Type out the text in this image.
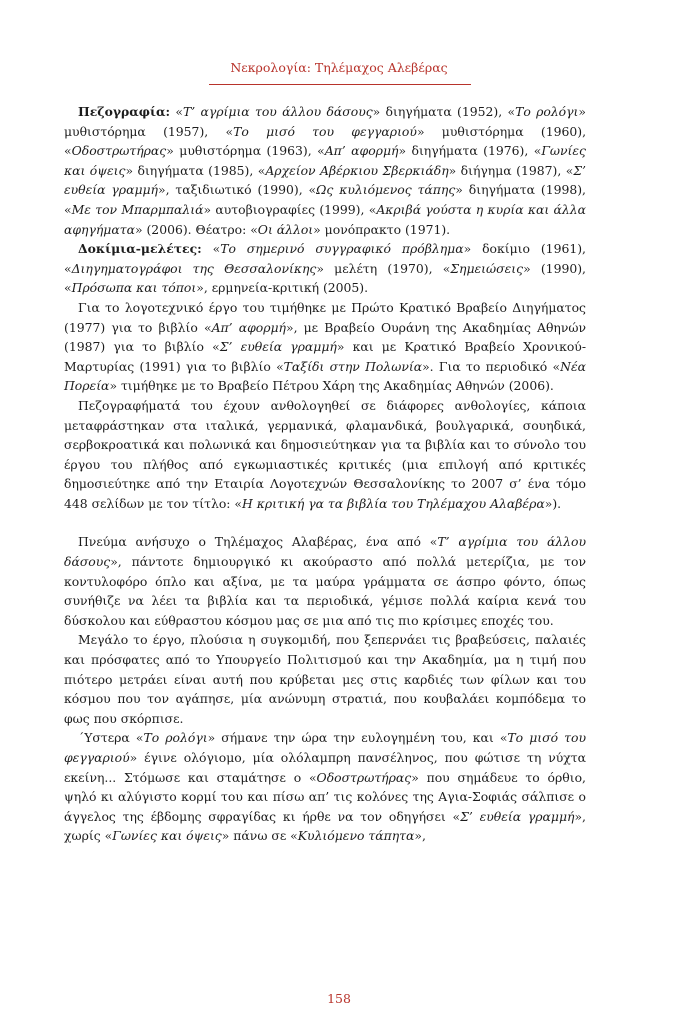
Νεκρολογία: Τηλέμαχος Αλεβέρας

Πεζογραφία: «Τ’ αγρίμια του άλλου δάσους» διηγήματα (1952), «Το ρολόγι» μυθιστόρημα (1957), «Το μισό του φεγγαριού» μυθιστόρημα (1960), «Οδοστρωτήρας» μυθιστόρημα (1963), «Απ’ αφορμή» διηγήματα (1976), «Γωνίες και όψεις» διηγήματα (1985), «Αρχείον Αβέρκιου Σβερκιάδη» διήγημα (1987), «Σ’ ευθεία γραμμή», ταξιδιωτικό (1990), «Ως κυλιόμενος τάπης» διηγήματα (1998), «Με τον Μπαρμπαλιά» αυτοβιογραφίες (1999), «Ακριβά γούστα η κυρία και άλλα αφηγήματα» (2006). Θέατρο: «Οι άλλοι» μονόπρακτο (1971).

Δοκίμια-μελέτες: «Το σημερινό συγγραφικό πρόβλημα» δοκίμιο (1961), «Διηγηματογράφοι της Θεσσαλονίκης» μελέτη (1970), «Σημειώσεις» (1990), «Πρόσωπα και τόποι», ερμηνεία-κριτική (2005).

Για το λογοτεχνικό έργο του τιμήθηκε με Πρώτο Κρατικό Βραβείο Διηγήματος (1977) για το βιβλίο «Απ’ αφορμή», με Βραβείο Ουράνη της Ακαδημίας Αθηνών (1987) για το βιβλίο «Σ’ ευθεία γραμμή» και με Κρατικό Βραβείο Χρονικού-Μαρτυρίας (1991) για το βιβλίο «Ταξίδι στην Πολωνία». Για το περιοδικό «Νέα Πορεία» τιμήθηκε με το Βραβείο Πέτρου Χάρη της Ακαδημίας Αθηνών (2006).

Πεζογραφήματά του έχουν ανθολογηθεί σε διάφορες ανθολογίες, κάποια μεταφράστηκαν στα ιταλικά, γερμανικά, φλαμανδικά, βουλγαρικά, σουηδικά, σερβοκροατικά και πολωνικά και δημοσιεύτηκαν για τα βιβλία και το σύνολο του έργου του πλήθος από εγκωμιαστικές κριτικές (μια επιλογή από κριτικές δημοσιεύτηκε από την Εταιρία Λογοτεχνών Θεσσαλονίκης το 2007 σ’ ένα τόμο 448 σελίδων με τον τίτλο: «Η κριτική γα τα βιβλία του Τηλέμαχου Αλαβέρα»).

Πνεύμα ανήσυχο ο Τηλέμαχος Αλαβέρας, ένα από «Τ’ αγρίμια του άλλου δάσους», πάντοτε δημιουργικό κι ακούραστο από πολλά μετερίζια, με τον κοντυλοφόρο όπλο και αξίνα, με τα μαύρα γράμματα σε άσπρο φόντο, όπως συνήθιζε να λέει τα βιβλία και τα περιοδικά, γέμισε πολλά καίρια κενά του δύσκολου και εύθραστου κόσμου μας σε μια από τις πιο κρίσιμες εποχές του.

Μεγάλο το έργο, πλούσια η συγκομιδή, που ξεπερνάει τις βραβεύσεις, παλαιές και πρόσφατες από το Υπουργείο Πολιτισμού και την Ακαδημία, μα η τιμή που πιότερο μετράει είναι αυτή που κρύβεται μες στις καρδιές των φίλων και του κόσμου που τον αγάπησε, μία ανώνυμη στρατιά, που κουβαλάει κομπόδεμα το φως που σκόρπισε.

΄Υστερα «Το ρολόγι» σήμανε την ώρα την ευλογημένη του, και «Το μισό του φεγγαριού» έγινε ολόγιομο, μία ολόλαμπρη πανσέληνος, που φώτισε τη νύχτα εκείνη... Στόμωσε και σταμάτησε ο «Οδοστρωτήρας» που σημάδευε το όρθιο, ψηλό κι αλύγιστο κορμί του και πίσω απ’ τις κολόνες της Αγια-Σοφιάς σάλπισε ο άγγελος της έβδομης σφραγίδας κι ήρθε να τον οδηγήσει «Σ’ ευθεία γραμμή», χωρίς «Γωνίες και όψεις» πάνω σε «Κυλιόμενο τάπητα»,

158
